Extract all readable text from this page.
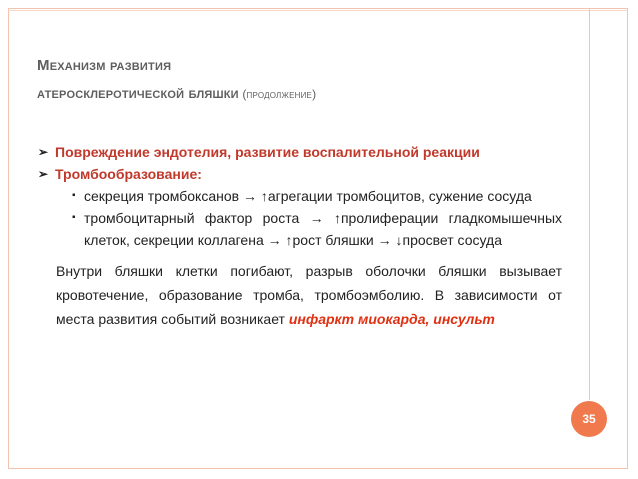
Механизм развития
атеросклеротической бляшки (продолжение)
➢ Повреждение эндотелия, развитие воспалительной реакции
➢ Тромбообразование:
▪ секреция тромбоксанов → ↑агрегации тромбоцитов, сужение сосуда
▪ тромбоцитарный фактор роста → ↑пролиферации гладкомышечных клеток, секреции коллагена → ↑рост бляшки → ↓просвет сосуда
Внутри бляшки клетки погибают, разрыв оболочки бляшки вызывает кровотечение, образование тромба, тромбоэмболию. В зависимости от места развития событий возникает инфаркт миокарда, инсульт
35
